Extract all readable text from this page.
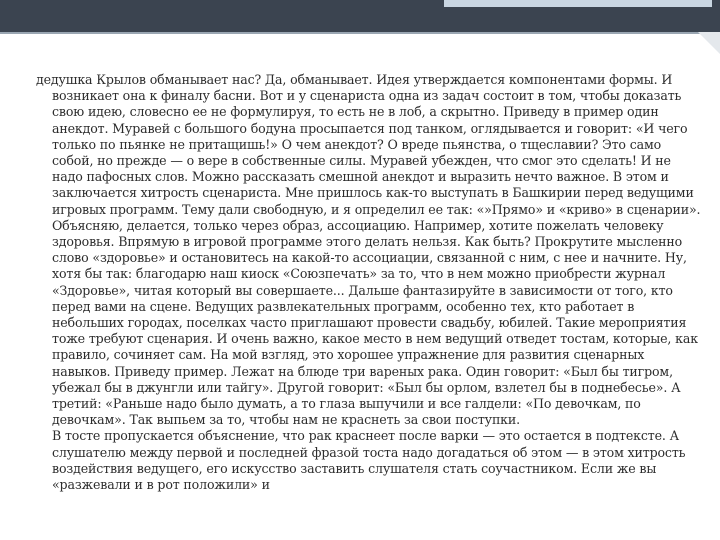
дедушка Крылов обманывает нас? Да, обманывает. Идея утверждается компонентами формы. И возникает она к финалу басни. Вот и у сценариста одна из задач состоит в том, чтобы доказать свою идею, словесно ее не формулируя, то есть не в лоб, а скрытно. Приведу в пример один анекдот. Муравей с большого бодуна просыпается под танком, оглядывается и говорит: «И чего только по пьянке не притащишь!» О чем анекдот? О вреде пьянства, о тщеславии? Это само собой, но прежде — о вере в собственные силы. Муравей убежден, что смог это сделать! И не надо пафосных слов. Можно рассказать смешной анекдот и выразить нечто важное. В этом и заключается хитрость сценариста. Мне пришлось как-то выступать в Башкирии перед ведущими игровых программ. Тему дали свободную, и я определил ее так: «»Прямо» и «криво» в сценарии». Объясняю, делается, только через образ, ассоциацию. Например, хотите пожелать человеку здоровья. Впрямую в игровой программе этого делать нельзя. Как быть? Прокрутите мысленно слово «здоровье» и остановитесь на какой-то ассоциации, связанной с ним, с нее и начните. Ну, хотя бы так: благодарю наш киоск «Союзпечать» за то, что в нем можно приобрести журнал «Здоровье», читая который вы совершаете... Дальше фантазируйте в зависимости от того, кто перед вами на сцене. Ведущих развлекательных программ, особенно тех, кто работает в небольших городах, поселках часто приглашают провести свадьбу, юбилей. Такие мероприятия тоже требуют сценария. И очень важно, какое место в нем ведущий отведет тостам, которые, как правило, сочиняет сам. На мой взгляд, это хорошее упражнение для развития сценарных навыков. Приведу пример. Лежат на блюде три вареных рака. Один говорит: «Был бы тигром, убежал бы в джунгли или тайгу». Другой говорит: «Был бы орлом, взлетел бы в поднебесье». А третий: «Раньше надо было думать, а то глаза выпучили и все галдели: «По девочкам, по девочкам». Так выпьем за то, чтобы нам не краснеть за свои поступки.

В тосте пропускается объяснение, что рак краснеет после варки — это остается в подтексте. А слушателю между первой и последней фразой тоста надо догадаться об этом — в этом хитрость воздействия ведущего, его искусство заставить слушателя стать соучастником. Если же вы «разжевали и в рот положили» и
